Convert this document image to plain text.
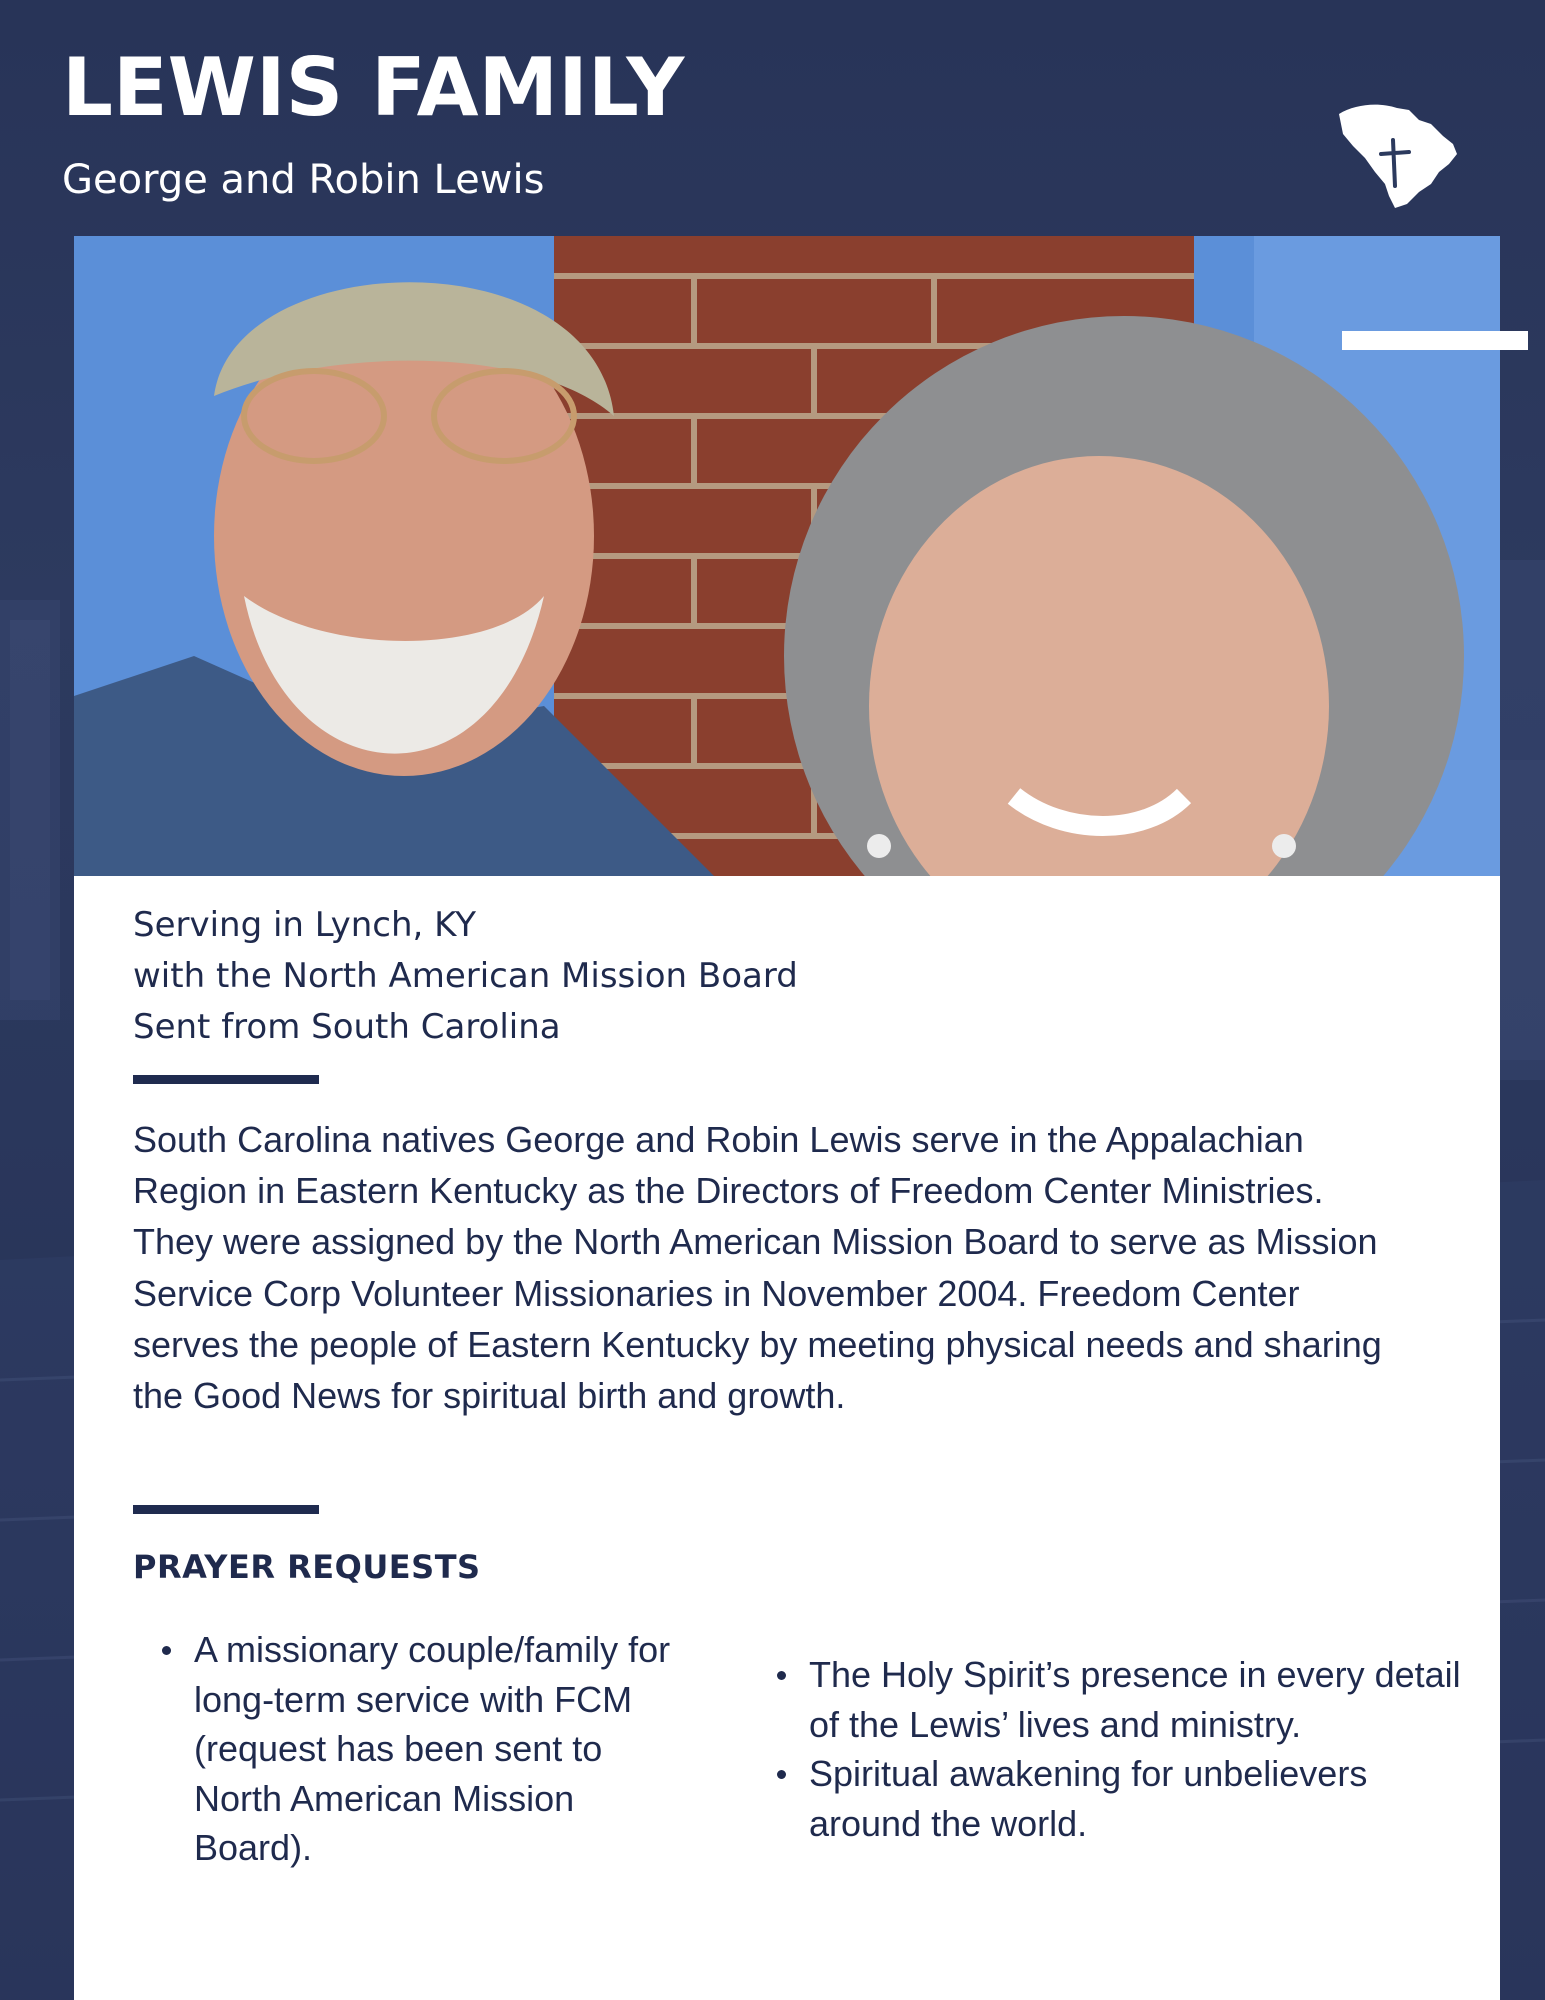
LEWIS FAMILY
George and Robin Lewis
Serving in Lynch, KY
with the North American Mission Board
Sent from South Carolina
South Carolina natives George and Robin Lewis serve in the Appalachian Region in Eastern Kentucky as the Directors of Freedom Center Ministries. They were assigned by the North American Mission Board to serve as Mission Service Corp Volunteer Missionaries in November 2004. Freedom Center serves the people of Eastern Kentucky by meeting physical needs and sharing the Good News for spiritual birth and growth.
PRAYER REQUESTS
A missionary couple/family for long-term service with FCM (request has been sent to North American Mission Board).
The Holy Spirit’s presence in every detail of the Lewis’ lives and ministry.
Spiritual awakening for unbelievers around the world.
